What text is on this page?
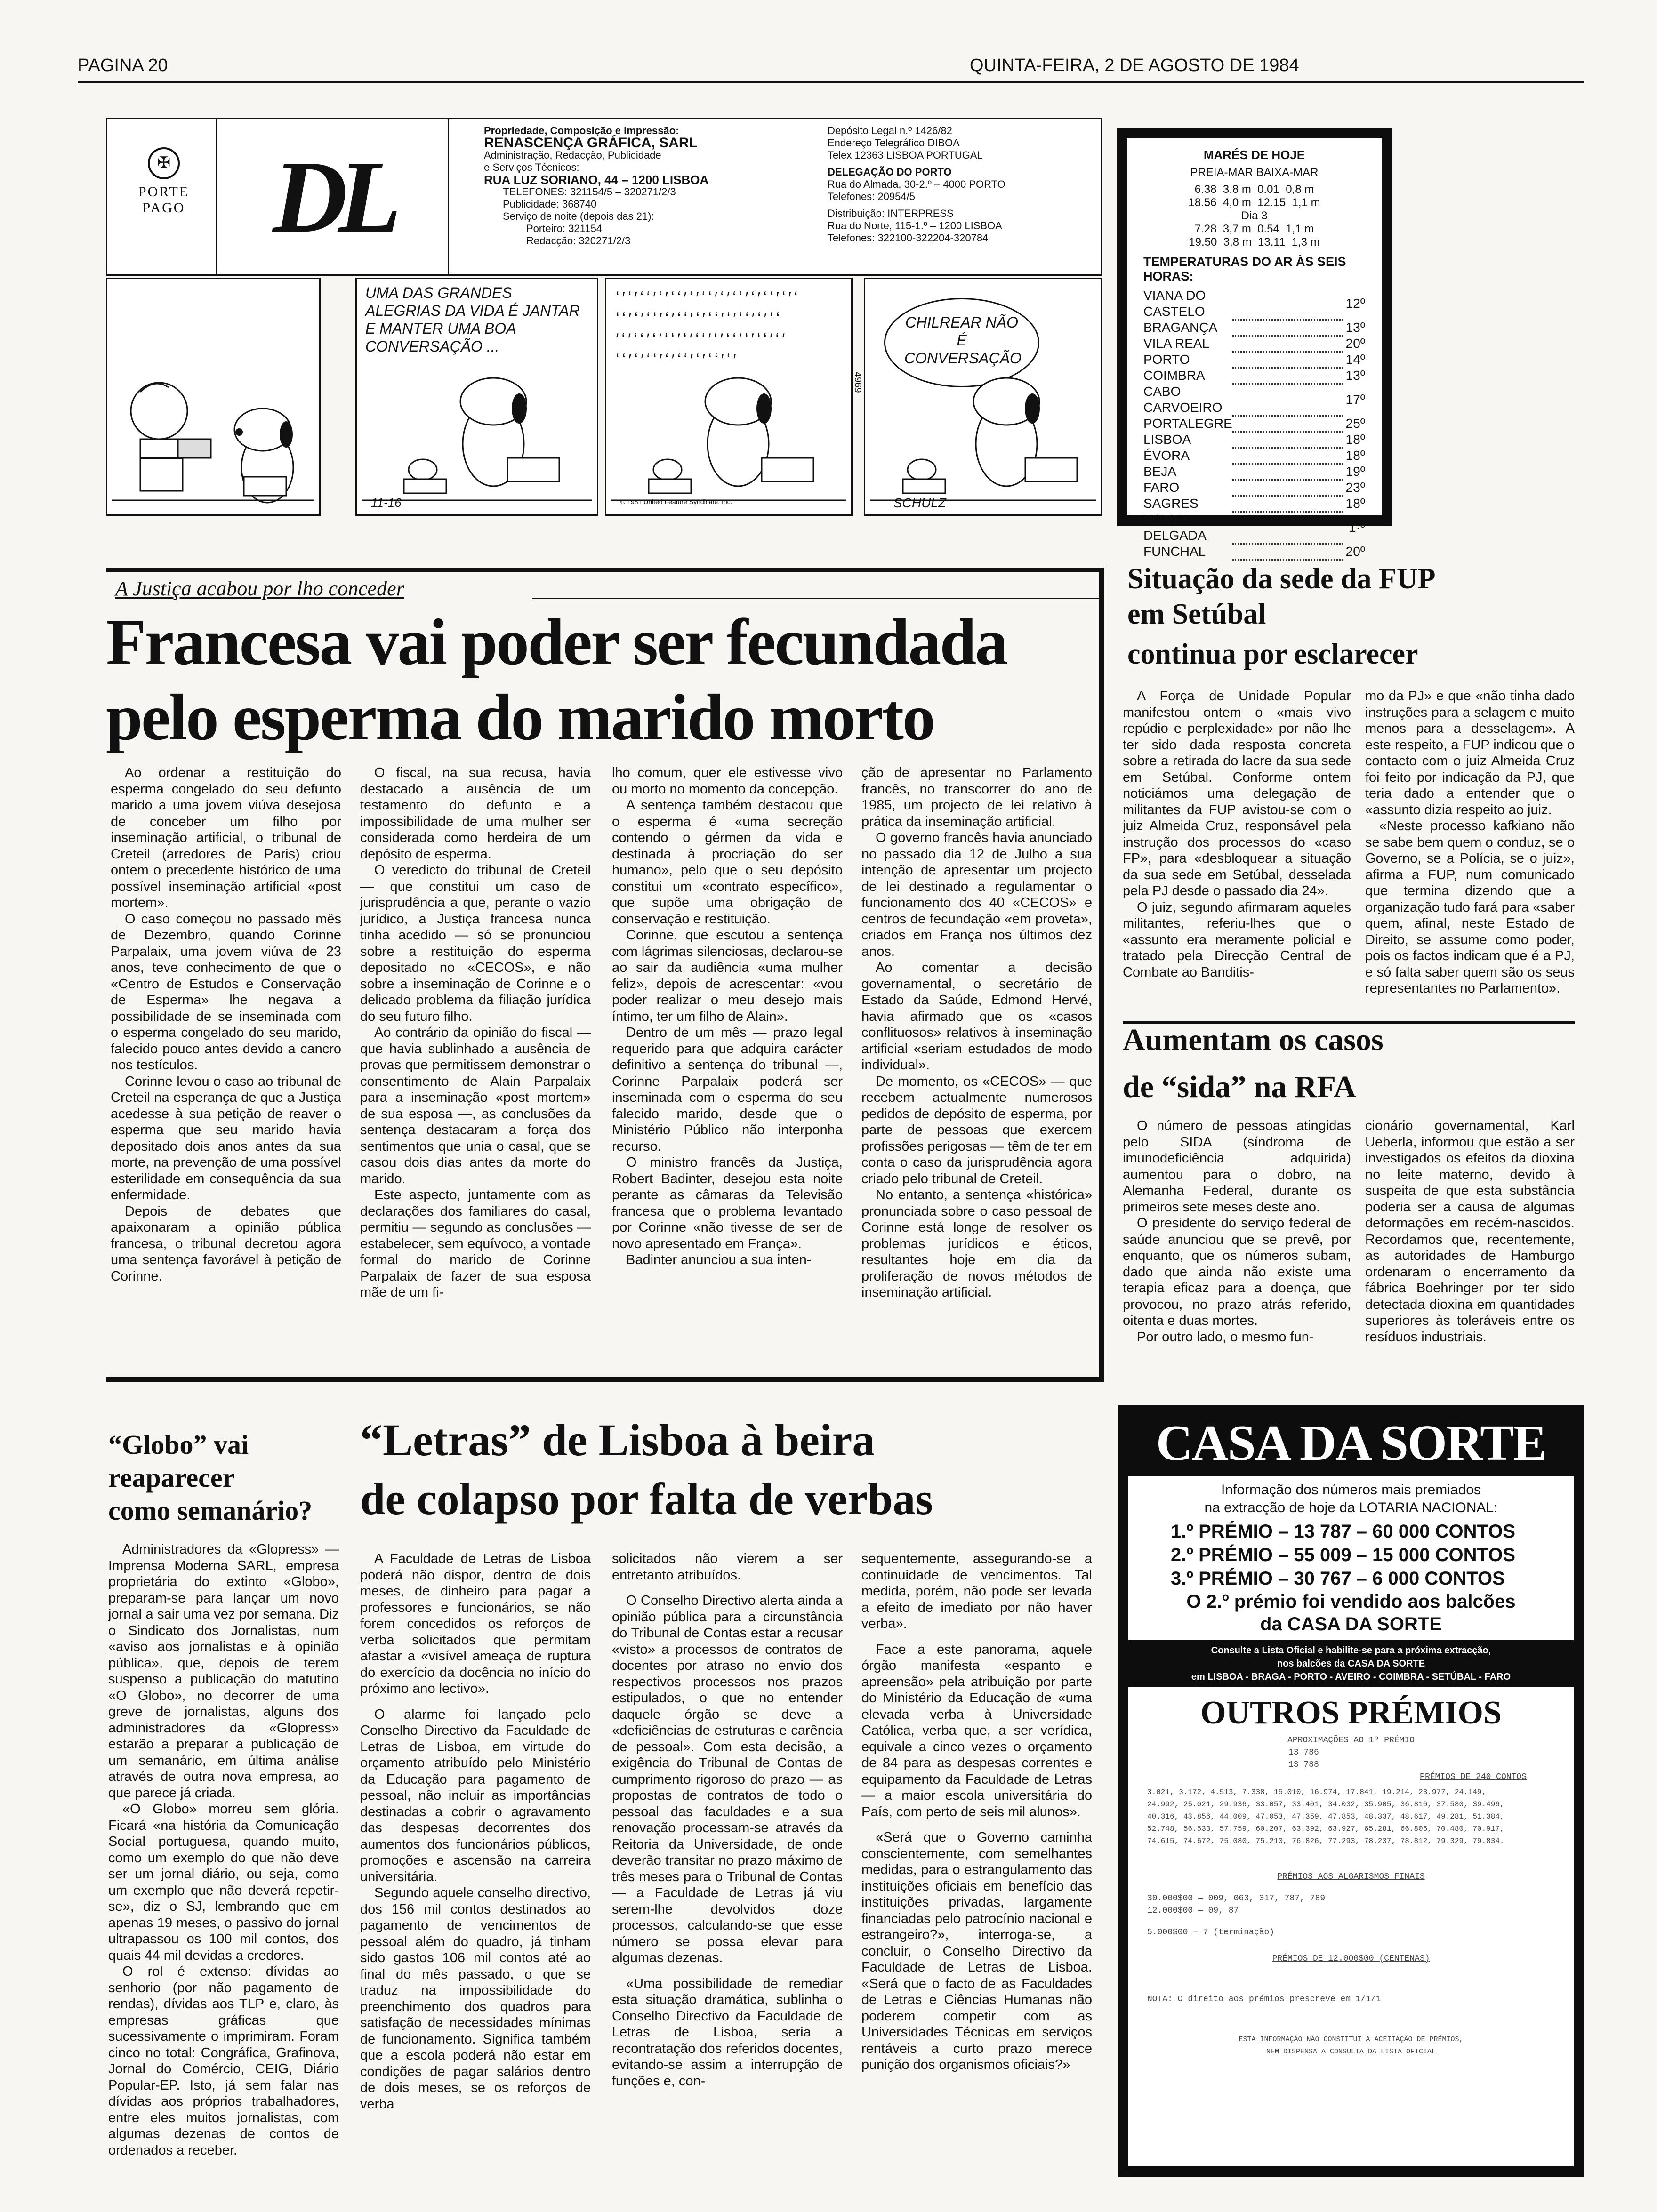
PAGINA 20	QUINTA-FEIRA, 2 DE AGOSTO DE 1984
✠
PORTE
PAGO DL
Propriedade, Composição e Impressão:
RENASCENÇA GRÁFICA, SARL
Administração, Redacção, Publicidade
e Serviços Técnicos:
RUA LUZ SORIANO, 44 – 1200 LISBOA
TELEFONES: 321154/5 – 320271/2/3
Publicidade: 368740
Serviço de noite (depois das 21):
Porteiro: 321154
Redacção: 320271/2/3
Depósito Legal n.º 1426/82
Endereço Telegráfico DIBOA
Telex 12363 LISBOA PORTUGAL
DELEGAÇÃO DO PORTO
Rua do Almada, 30-2.º – 4000 PORTO
Telefones: 20954/5
Distribuição: INTERPRESS
Rua do Norte, 115-1.º – 1200 LISBOA
Telefones: 322100-322204-320784
UMA DAS GRANDES ALEGRIAS DA VIDA É JANTAR E MANTER UMA BOA CONVERSAÇÃO ...
11-16
ʻ′ʻ′ʻʻ′ʻ′ʻʻ′ʻ′ʻʻ′ʻ′ʻʻ′ʻ′ʻʻ′ʻ′ʻ ʻʻ′ʻ′ʻʻ′ʻ′ʻʻ′ʻ′ʻʻ′ʻ′ʻʻ′ʻ′ʻʻ ′ʻ′ʻʻ′ʻ′ʻʻ′ʻ′ʻʻ′ʻ′ʻʻ′ʻ′ʻʻ′ʻ′ ʻʻ′ʻ′ʻʻ′ʻ′ʻʻ′ʻ′ʻʻ′ʻ′
© 1981 United Feature Syndicate, Inc.
4969
CHILREAR NÃO É CONVERSAÇÃO
SCHULZ
MARÉS DE HOJE
PREIA-MAR BAIXA-MAR
6.38  3,8 m  0.01  0,8 m
18.56  4,0 m  12.15  1,1 m
Dia 3
7.28  3,7 m  0.54  1,1 m
19.50  3,8 m  13.11  1,3 m
TEMPERATURAS DO AR ÀS SEIS HORAS:
VIANA DO CASTELO		12º
BRAGANÇA		13º
VILA REAL		20º
PORTO		14º
COIMBRA		13º
CABO CARVOEIRO		17º
PORTALEGRE		25º
LISBOA		18º
ÉVORA		18º
BEJA		19º
FARO		23º
SAGRES		18º
PONTA DELGADA		1·º
FUNCHAL		20º
A Justiça acabou por lho conceder
Francesa vai poder ser fecundada
pelo esperma do marido morto

Ao ordenar a restituição do esperma congelado do seu defunto marido a uma jovem viúva desejosa de conceber um filho por inseminação artificial, o tribunal de Creteil (arredores de Paris) criou ontem o precedente histórico de uma possível inseminação artificial «post mortem».

O caso começou no passado mês de Dezembro, quando Corinne Parpalaix, uma jovem viúva de 23 anos, teve conhecimento de que o «Centro de Estudos e Conservação de Esperma» lhe negava a possibilidade de se inseminada com o esperma congelado do seu marido, falecido pouco antes devido a cancro nos testículos.

Corinne levou o caso ao tribunal de Creteil na esperança de que a Justiça acedesse à sua petição de reaver o esperma que seu marido havia depositado dois anos antes da sua morte, na prevenção de uma possível esterilidade em consequência da sua enfermidade.

Depois de debates que apaixonaram a opinião pública francesa, o tribunal decretou agora uma sentença favorável à petição de Corinne.

O fiscal, na sua recusa, havia destacado a ausência de um testamento do defunto e a impossibilidade de uma mulher ser considerada como herdeira de um depósito de esperma.

O veredicto do tribunal de Creteil — que constitui um caso de jurisprudência a que, perante o vazio jurídico, a Justiça francesa nunca tinha acedido — só se pronunciou sobre a restituição do esperma depositado no «CECOS», e não sobre a inseminação de Corinne e o delicado problema da filiação jurídica do seu futuro filho.

Ao contrário da opinião do fiscal — que havia sublinhado a ausência de provas que permitissem demonstrar o consentimento de Alain Parpalaix para a inseminação «post mortem» de sua esposa —, as conclusões da sentença destacaram a força dos sentimentos que unia o casal, que se casou dois dias antes da morte do marido.

Este aspecto, juntamente com as declarações dos familiares do casal, permitiu — segundo as conclusões — estabelecer, sem equívoco, a vontade formal do marido de Corinne Parpalaix de fazer de sua esposa mãe de um fi-

lho comum, quer ele estivesse vivo ou morto no momento da concepção.

A sentença também destacou que o esperma é «uma secreção contendo o gérmen da vida e destinada à procriação do ser humano», pelo que o seu depósito constitui um «contrato específico», que supõe uma obrigação de conservação e restituição.

Corinne, que escutou a sentença com lágrimas silenciosas, declarou-se ao sair da audiência «uma mulher feliz», depois de acrescentar: «vou poder realizar o meu desejo mais íntimo, ter um filho de Alain».

Dentro de um mês — prazo legal requerido para que adquira carácter definitivo a sentença do tribunal —, Corinne Parpalaix poderá ser inseminada com o esperma do seu falecido marido, desde que o Ministério Público não interponha recurso.

O ministro francês da Justiça, Robert Badinter, desejou esta noite perante as câmaras da Televisão francesa que o problema levantado por Corinne «não tivesse de ser de novo apresentado em França».

Badinter anunciou a sua inten-

ção de apresentar no Parlamento francês, no transcorrer do ano de 1985, um projecto de lei relativo à prática da inseminação artificial.

O governo francês havia anunciado no passado dia 12 de Julho a sua intenção de apresentar um projecto de lei destinado a regulamentar o funcionamento dos 40 «CECOS» e centros de fecundação «em proveta», criados em França nos últimos dez anos.

Ao comentar a decisão governamental, o secretário de Estado da Saúde, Edmond Hervé, havia afirmado que os «casos conflituosos» relativos à inseminação artificial «seriam estudados de modo individual».

De momento, os «CECOS» — que recebem actualmente numerosos pedidos de depósito de esperma, por parte de pessoas que exercem profissões perigosas — têm de ter em conta o caso da jurisprudência agora criado pelo tribunal de Creteil.

No entanto, a sentença «histórica» pronunciada sobre o caso pessoal de Corinne está longe de resolver os problemas jurídicos e éticos, resultantes hoje em dia da proliferação de novos métodos de inseminação artificial.

Situação da sede da FUP
em Setúbal
continua por esclarecer

A Força de Unidade Popular manifestou ontem o «mais vivo repúdio e perplexidade» por não lhe ter sido dada resposta concreta sobre a retirada do lacre da sua sede em Setúbal. Conforme ontem noticiámos uma delegação de militantes da FUP avistou-se com o juiz Almeida Cruz, responsável pela instrução dos processos do «caso FP», para «desbloquear a situação da sua sede em Setúbal, desselada pela PJ desde o passado dia 24».

O juiz, segundo afirmaram aqueles militantes, referiu-lhes que o «assunto era meramente policial e tratado pela Direcção Central de Combate ao Banditis-

mo da PJ» e que «não tinha dado instruções para a selagem e muito menos para a desselagem». A este respeito, a FUP indicou que o contacto com o juiz Almeida Cruz foi feito por indicação da PJ, que teria dado a entender que o «assunto dizia respeito ao juiz.

«Neste processo kafkiano não se sabe bem quem o conduz, se o Governo, se a Polícia, se o juiz», afirma a FUP, num comunicado que termina dizendo que a organização tudo fará para «saber quem, afinal, neste Estado de Direito, se assume como poder, pois os factos indicam que é a PJ, e só falta saber quem são os seus representantes no Parlamento».

Aumentam os casos
de “sida” na RFA

O número de pessoas atingidas pelo SIDA (síndroma de imunodeficiência adquirida) aumentou para o dobro, na Alemanha Federal, durante os primeiros sete meses deste ano.

O presidente do serviço federal de saúde anunciou que se prevê, por enquanto, que os números subam, dado que ainda não existe uma terapia eficaz para a doença, que provocou, no prazo atrás referido, oitenta e duas mortes.

Por outro lado, o mesmo fun-

cionário governamental, Karl Ueberla, informou que estão a ser investigados os efeitos da dioxina no leite materno, devido à suspeita de que esta substância poderia ser a causa de algumas deformações em recém-nascidos. Recordamos que, recentemente, as autoridades de Hamburgo ordenaram o encerramento da fábrica Boehringer por ter sido detectada dioxina em quantidades superiores às toleráveis entre os resíduos industriais.

“Globo” vai
reaparecer
como semanário?

Administradores da «Glopress» — Imprensa Moderna SARL, empresa proprietária do extinto «Globo», preparam-se para lançar um novo jornal a sair uma vez por semana. Diz o Sindicato dos Jornalistas, num «aviso aos jornalistas e à opinião pública», que, depois de terem suspenso a publicação do matutino «O Globo», no decorrer de uma greve de jornalistas, alguns dos administradores da «Glopress» estarão a preparar a publicação de um semanário, em última análise através de outra nova empresa, ao que parece já criada.

«O Globo» morreu sem glória. Ficará «na história da Comunicação Social portuguesa, quando muito, como um exemplo do que não deve ser um jornal diário, ou seja, como um exemplo que não deverá repetir-se», diz o SJ, lembrando que em apenas 19 meses, o passivo do jornal ultrapassou os 100 mil contos, dos quais 44 mil devidas a credores.

O rol é extenso: dívidas ao senhorio (por não pagamento de rendas), dívidas aos TLP e, claro, às empresas gráficas que sucessivamente o imprimiram. Foram cinco no total: Congráfica, Grafinova, Jornal do Comércio, CEIG, Diário Popular-EP. Isto, já sem falar nas dívidas aos próprios trabalhadores, entre eles muitos jornalistas, com algumas dezenas de contos de ordenados a receber.

“Letras” de Lisboa à beira
de colapso por falta de verbas

A Faculdade de Letras de Lisboa poderá não dispor, dentro de dois meses, de dinheiro para pagar a professores e funcionários, se não forem concedidos os reforços de verba solicitados que permitam afastar a «visível ameaça de ruptura do exercício da docência no início do próximo ano lectivo».

O alarme foi lançado pelo Conselho Directivo da Faculdade de Letras de Lisboa, em virtude do orçamento atribuído pelo Ministério da Educação para pagamento de pessoal, não incluir as importâncias destinadas a cobrir o agravamento das despesas decorrentes dos aumentos dos funcionários públicos, promoções e ascensão na carreira universitária.

Segundo aquele conselho directivo, dos 156 mil contos destinados ao pagamento de vencimentos de pessoal além do quadro, já tinham sido gastos 106 mil contos até ao final do mês passado, o que se traduz na impossibilidade do preenchimento dos quadros para satisfação de necessidades mínimas de funcionamento. Significa também que a escola poderá não estar em condições de pagar salários dentro de dois meses, se os reforços de verba

solicitados não vierem a ser entretanto atribuídos.

O Conselho Directivo alerta ainda a opinião pública para a circunstância do Tribunal de Contas estar a recusar «visto» a processos de contratos de docentes por atraso no envio dos respectivos processos nos prazos estipulados, o que no entender daquele órgão se deve a «deficiências de estruturas e carência de pessoal». Com esta decisão, a exigência do Tribunal de Contas de cumprimento rigoroso do prazo — as propostas de contratos de todo o pessoal das faculdades e a sua renovação processam-se através da Reitoria da Universidade, de onde deverão transitar no prazo máximo de três meses para o Tribunal de Contas — a Faculdade de Letras já viu serem-lhe devolvidos doze processos, calculando-se que esse número se possa elevar para algumas dezenas.

«Uma possibilidade de remediar esta situação dramática, sublinha o Conselho Directivo da Faculdade de Letras de Lisboa, seria a recontratação dos referidos docentes, evitando-se assim a interrupção de funções e, con-

sequentemente, assegurando-se a continuidade de vencimentos. Tal medida, porém, não pode ser levada a efeito de imediato por não haver verba».

Face a este panorama, aquele órgão manifesta «espanto e apreensão» pela atribuição por parte do Ministério da Educação de «uma elevada verba à Universidade Católica, verba que, a ser verídica, equivale a cinco vezes o orçamento de 84 para as despesas correntes e equipamento da Faculdade de Letras — a maior escola universitária do País, com perto de seis mil alunos».

«Será que o Governo caminha conscientemente, com semelhantes medidas, para o estrangulamento das instituições oficiais em benefício das instituições privadas, largamente financiadas pelo patrocínio nacional e estrangeiro?», interroga-se, a concluir, o Conselho Directivo da Faculdade de Letras de Lisboa. «Será que o facto de as Faculdades de Letras e Ciências Humanas não poderem competir com as Universidades Técnicas em serviços rentáveis a curto prazo merece punição dos organismos oficiais?»

CASA DA SORTE
Informação dos números mais premiados
na extracção de hoje da LOTARIA NACIONAL:
1.º PRÉMIO – 13 787 – 60 000 CONTOS
2.º PRÉMIO – 55 009 – 15 000 CONTOS
3.º PRÉMIO – 30 767 – 6 000 CONTOS
O 2.º prémio foi vendido aos balcões
da CASA DA SORTE
Consulte a Lista Oficial e habilite-se para a próxima extracção,
nos balcões da CASA DA SORTE
em LISBOA - BRAGA - PORTO - AVEIRO - COIMBRA - SETÚBAL - FARO
OUTROS PRÉMIOS
APROXIMAÇÕES AO 1º PRÉMIO
13 786
13 788
PRÉMIOS DE 240 CONTOS
3.021, 3.172, 4.513, 7.338, 15.010, 16.974, 17.841, 19.214, 23.977, 24.149,
24.992, 25.021, 29.936, 33.057, 33.401, 34.032, 35.905, 36.810, 37.580, 39.496,
40.316, 43.856, 44.009, 47.053, 47.359, 47.853, 48.337, 48.617, 49.281, 51.384,
52.748, 56.533, 57.759, 60.207, 63.392, 63.927, 65.281, 66.806, 70.480, 70.917,
74.615, 74.672, 75.080, 75.210, 76.826, 77.293, 78.237, 78.812, 79.329, 79.834.
PRÉMIOS AOS ALGARISMOS FINAIS
30.000$00 — 009, 063, 317, 787, 789
12.000$00 — 09, 87
5.000$00 — 7 (terminação)
PRÉMIOS DE 12.000$00 (CENTENAS)
NOTA: O direito aos prémios prescreve em 1/1/1
ESTA INFORMAÇÃO NÃO CONSTITUI A ACEITAÇÃO DE PRÉMIOS,
NEM DISPENSA A CONSULTA DA LISTA OFICIAL
